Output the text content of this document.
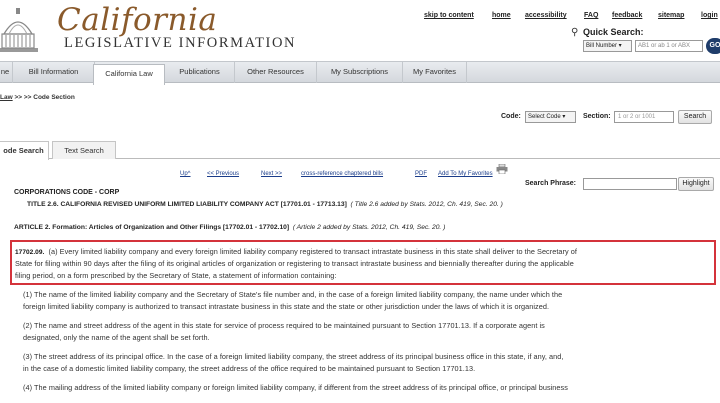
California
LEGISLATIVE INFORMATION
skip to content	home accessibility FAQ feedback sitemap login
⚲ Quick Search:
Bill Number ▾	AB1 or ab 1 or ABX	GO
ne	Bill Information	California Law	Publications	Other Resources	My Subscriptions	My Favorites
Law >> >> Code Section
Code:	Select Code ▾	Section:	1 or 2 or 1001	Search
ode Search	Text Search
Up^	<< Previous	Next >>	cross-reference chaptered bills	PDF Add To My Favorites
Search Phrase:	Highlight
CORPORATIONS CODE - CORP
TITLE 2.6. CALIFORNIA REVISED UNIFORM LIMITED LIABILITY COMPANY ACT [17701.01 - 17713.13] ( Title 2.6 added by Stats. 2012, Ch. 419, Sec. 20. )
ARTICLE 2. Formation: Articles of Organization and Other Filings [17702.01 - 17702.10] ( Article 2 added by Stats. 2012, Ch. 419, Sec. 20. )
17702.09. (a) Every limited liability company and every foreign limited liability company registered to transact intrastate business in this state shall deliver to the Secretary of
State for filing within 90 days after the filing of its original articles of organization or registering to transact intrastate business and biennially thereafter during the applicable
filing period, on a form prescribed by the Secretary of State, a statement of information containing:
(1) The name of the limited liability company and the Secretary of State's file number and, in the case of a foreign limited liability company, the name under which the
foreign limited liability company is authorized to transact intrastate business in this state and the state or other jurisdiction under the laws of which it is organized.
(2) The name and street address of the agent in this state for service of process required to be maintained pursuant to Section 17701.13. If a corporate agent is
designated, only the name of the agent shall be set forth.
(3) The street address of its principal office. In the case of a foreign limited liability company, the street address of its principal business office in this state, if any, and,
in the case of a domestic limited liability company, the street address of the office required to be maintained pursuant to Section 17701.13.
(4) The mailing address of the limited liability company or foreign limited liability company, if different from the street address of its principal office, or principal business
